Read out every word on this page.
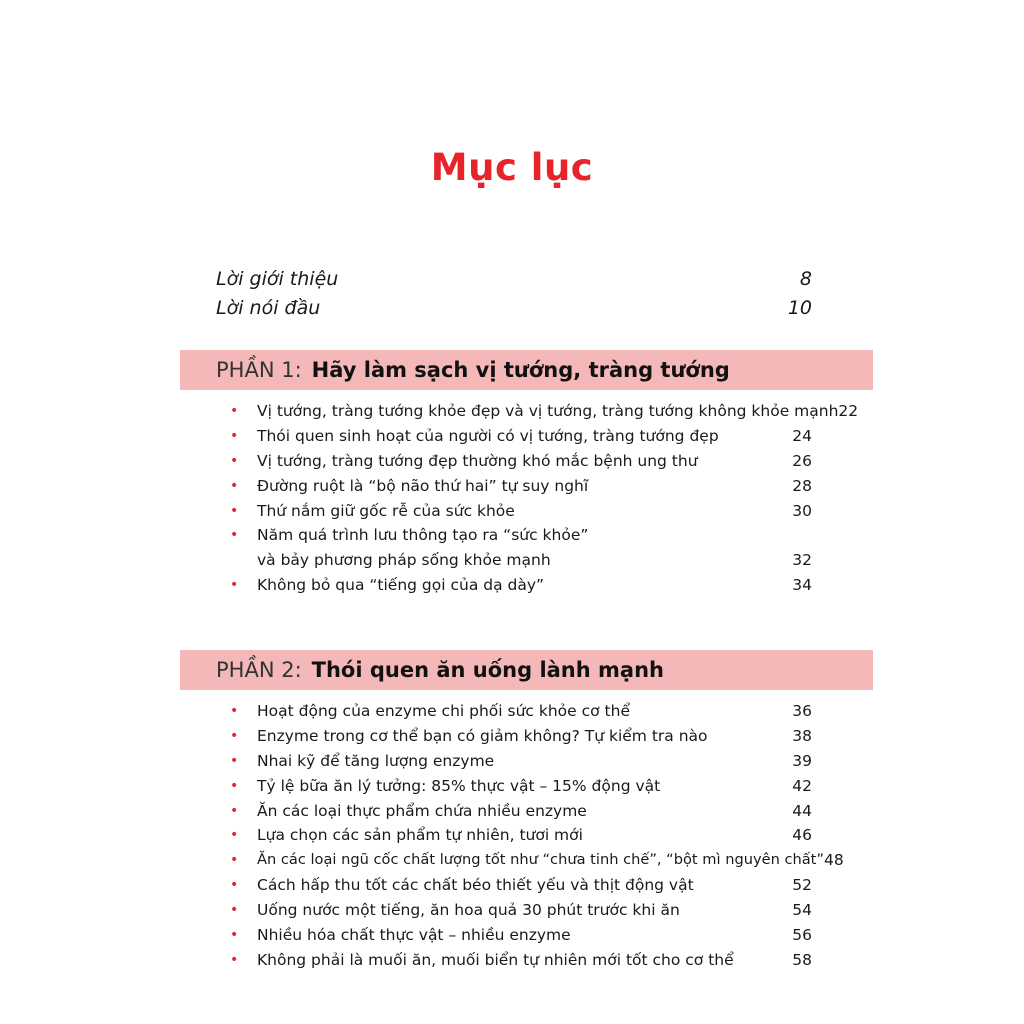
Mục lục
Lời giới thiệu	8
Lời nói đầu	10
PHẦN 1: Hãy làm sạch vị tướng, tràng tướng
• Vị tướng, tràng tướng khỏe đẹp và vị tướng, tràng tướng không khỏe mạnh 22
• Thói quen sinh hoạt của người có vị tướng, tràng tướng đẹp	24
• Vị tướng, tràng tướng đẹp thường khó mắc bệnh ung thư	26
• Đường ruột là “bộ não thứ hai” tự suy nghĩ	28
• Thứ nắm giữ gốc rễ của sức khỏe	30
• Năm quá trình lưu thông tạo ra “sức khỏe”
và bảy phương pháp sống khỏe mạnh	32
• Không bỏ qua “tiếng gọi của dạ dày”	34
PHẦN 2: Thói quen ăn uống lành mạnh
• Hoạt động của enzyme chi phối sức khỏe cơ thể	36
• Enzyme trong cơ thể bạn có giảm không? Tự kiểm tra nào	38
• Nhai kỹ để tăng lượng enzyme	39
• Tỷ lệ bữa ăn lý tưởng: 85% thực vật – 15% động vật	42
• Ăn các loại thực phẩm chứa nhiều enzyme	44
• Lựa chọn các sản phẩm tự nhiên, tươi mới	46
• Ăn các loại ngũ cốc chất lượng tốt như “chưa tinh chế”, “bột mì nguyên chất” 48
• Cách hấp thu tốt các chất béo thiết yếu và thịt động vật	52
• Uống nước một tiếng, ăn hoa quả 30 phút trước khi ăn	54
• Nhiều hóa chất thực vật – nhiều enzyme	56
• Không phải là muối ăn, muối biển tự nhiên mới tốt cho cơ thể	58
